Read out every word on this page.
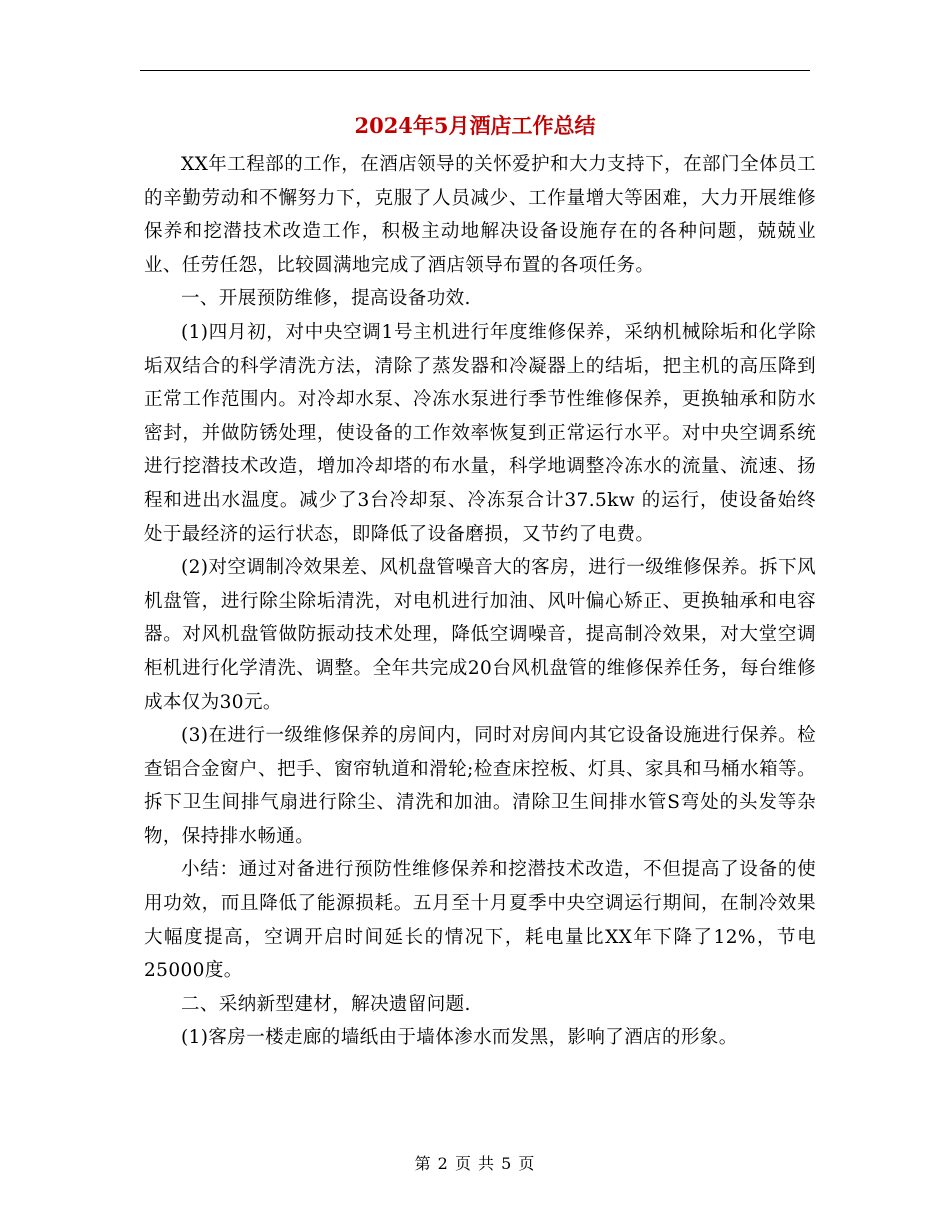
2024年5月酒店工作总结

XX年工程部的工作，在酒店领导的关怀爱护和大力支持下，在部门全体员工的辛勤劳动和不懈努力下，克服了人员减少、工作量增大等困难，大力开展维修保养和挖潜技术改造工作，积极主动地解决设备设施存在的各种问题，兢兢业业、任劳任怨，比较圆满地完成了酒店领导布置的各项任务。

一、开展预防维修，提高设备功效.

(1)四月初，对中央空调1号主机进行年度维修保养，采纳机械除垢和化学除垢双结合的科学清洗方法，清除了蒸发器和冷凝器上的结垢，把主机的高压降到正常工作范围内。对冷却水泵、冷冻水泵进行季节性维修保养，更换轴承和防水密封，并做防锈处理，使设备的工作效率恢复到正常运行水平。对中央空调系统进行挖潜技术改造，增加冷却塔的布水量，科学地调整冷冻水的流量、流速、扬程和进出水温度。减少了3台冷却泵、冷冻泵合计37.5kw 的运行，使设备始终处于最经济的运行状态，即降低了设备磨损，又节约了电费。

(2)对空调制冷效果差、风机盘管噪音大的客房，进行一级维修保养。拆下风机盘管，进行除尘除垢清洗，对电机进行加油、风叶偏心矫正、更换轴承和电容器。对风机盘管做防振动技术处理，降低空调噪音，提高制冷效果，对大堂空调柜机进行化学清洗、调整。全年共完成20台风机盘管的维修保养任务，每台维修成本仅为30元。

(3)在进行一级维修保养的房间内，同时对房间内其它设备设施进行保养。检查铝合金窗户、把手、窗帘轨道和滑轮;检查床控板、灯具、家具和马桶水箱等。拆下卫生间排气扇进行除尘、清洗和加油。清除卫生间排水管S弯处的头发等杂物，保持排水畅通。

小结：通过对备进行预防性维修保养和挖潜技术改造，不但提高了设备的使用功效，而且降低了能源损耗。五月至十月夏季中央空调运行期间，在制冷效果大幅度提高，空调开启时间延长的情况下，耗电量比XX年下降了12%，节电25000度。

二、采纳新型建材，解决遗留问题.

(1)客房一楼走廊的墙纸由于墙体渗水而发黑，影响了酒店的形象。

第 2 页 共 5 页
